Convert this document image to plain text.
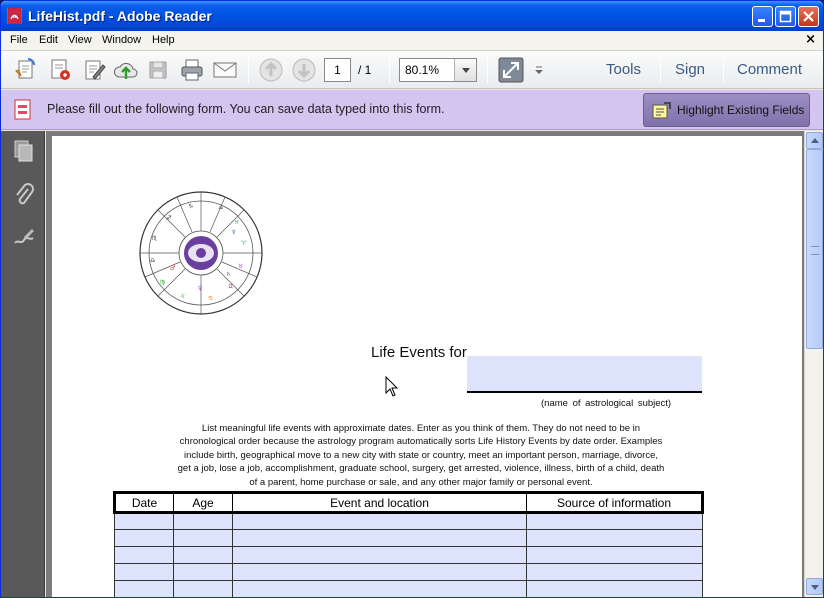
LifeHist.pdf - Adobe Reader
File Edit View Window Help	×
1	/ 1	80.1%	Tools Sign Comment
Please fill out the following form. You can save data typed into this form.	Highlight Existing Fields
♑	♒
♓
♈
♉
♊
♋
♌
♍
♎
♏
♐
☿
♂
♀
♄
Life Events for
(name of astrological subject)
List meaningful life events with approximate dates. Enter as you think of them. They do not need to be in
chronological order because the astrology program automatically sorts Life History Events by date order. Examples
include birth, geographical move to a new city with state or country, meet an important person, marriage, divorce,
get a job, lose a job, accomplishment, graduate school, surgery, get arrested, violence, illness, birth of a child, death
of a parent, home purchase or sale, and any other major family or personal event.
Date	Age	Event and location	Source of information
